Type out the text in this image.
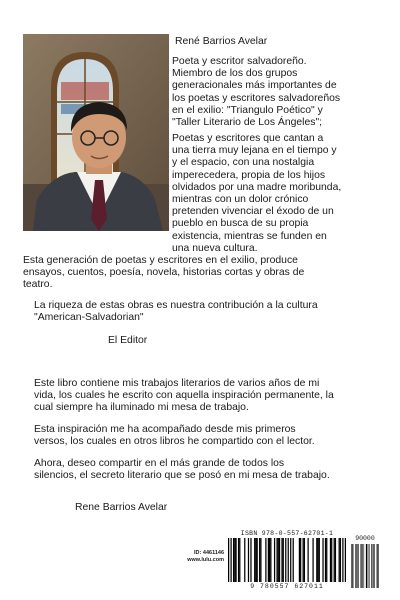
René Barrios Avelar
Poeta y escritor salvadoreño.
Miembro de los dos grupos
generacionales más importantes de
los poetas y escritores salvadoreños
en el exilio: "Triangulo Poético" y
"Taller Literario de Los Ángeles";
Poetas y escritores que cantan a
una tierra muy lejana en el tiempo y
y el espacio, con una nostalgia
imperecedera, propia de los hijos
olvidados por una madre moribunda,
mientras con un dolor crónico
pretenden vivenciar el éxodo de un
pueblo en busca de su propia
existencia, mientras se funden en
una nueva cultura.
Esta generación de poetas y escritores en el exilio, produce
ensayos, cuentos, poesía, novela, historias cortas y obras de
teatro.
La riqueza de estas obras es nuestra contribución a la cultura
"American-Salvadorian"
El Editor
Este libro contiene mis trabajos literarios de varios años de mi
vida, los cuales he escrito con aquella inspiración permanente, la
cual siempre ha iluminado mi mesa de trabajo.
Esta inspiración me ha acompañado desde mis primeros
versos, los cuales en otros libros he compartido con el lector.
Ahora, deseo compartir en el más grande de todos los
silencios, el secreto literario que se posó en mi mesa de trabajo.
Rene Barrios Avelar
ID: 4461146
www.lulu.com
ISBN 978-0-557-62701-1
90000
9 780557 627011
